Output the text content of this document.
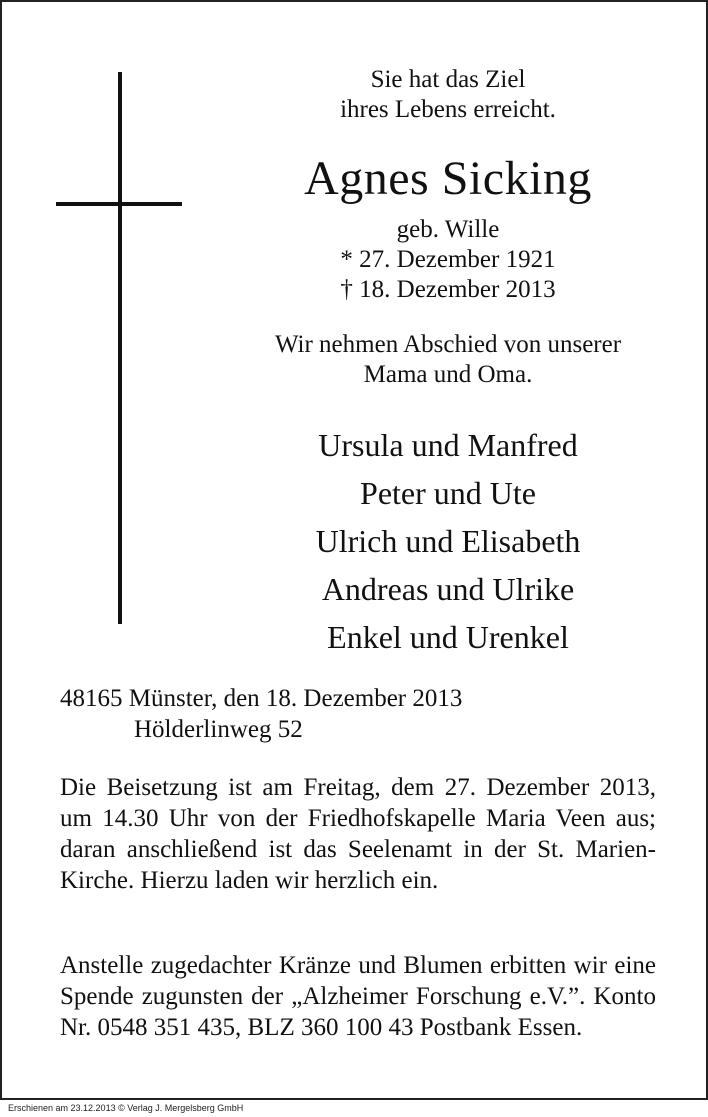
Sie hat das Ziel
ihres Lebens erreicht.
Agnes Sicking
geb. Wille
* 27. Dezember 1921
† 18. Dezember 2013
Wir nehmen Abschied von unserer
Mama und Oma.
Ursula und Manfred
Peter und Ute
Ulrich und Elisabeth
Andreas und Ulrike
Enkel und Urenkel
48165 Münster, den 18. Dezember 2013
Hölderlinweg 52
Die Beisetzung ist am Freitag, dem 27. Dezember 2013, um 14.30 Uhr von der Friedhofskapelle Maria Veen aus; daran anschließend ist das Seelenamt in der St. Marien-Kirche. Hierzu laden wir herzlich ein.
Anstelle zugedachter Kränze und Blumen erbitten wir eine Spende zugunsten der „Alzheimer Forschung e.V.”. Konto Nr. 0548 351 435, BLZ 360 100 43 Postbank Essen.
Erschienen am 23.12.2013 © Verlag J. Mergelsberg GmbH
